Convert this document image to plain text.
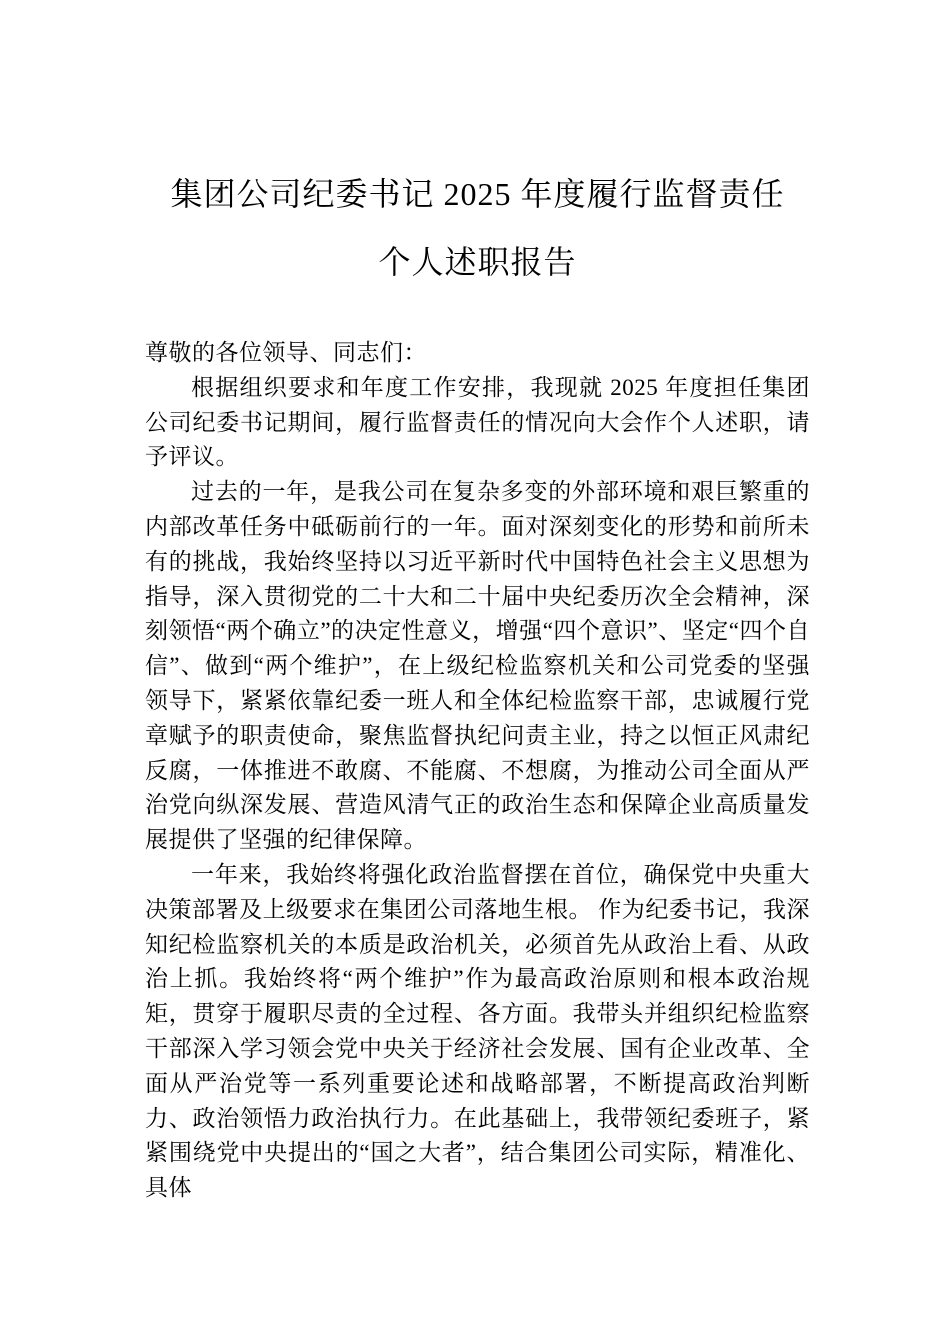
集团公司纪委书记 2025 年度履行监督责任
个人述职报告

尊敬的各位领导、同志们：

根据组织要求和年度工作安排，我现就 2025 年度担任集团公司纪委书记期间，履行监督责任的情况向大会作个人述职，请予评议。

过去的一年，是我公司在复杂多变的外部环境和艰巨繁重的内部改革任务中砥砺前行的一年。面对深刻变化的形势和前所未有的挑战，我始终坚持以习近平新时代中国特色社会主义思想为指导，深入贯彻党的二十大和二十届中央纪委历次全会精神，深刻领悟“两个确立”的决定性意义，增强“四个意识”、坚定“四个自信”、做到“两个维护”，在上级纪检监察机关和公司党委的坚强领导下，紧紧依靠纪委一班人和全体纪检监察干部，忠诚履行党章赋予的职责使命，聚焦监督执纪问责主业，持之以恒正风肃纪反腐，一体推进不敢腐、不能腐、不想腐，为推动公司全面从严治党向纵深发展、营造风清气正的政治生态和保障企业高质量发展提供了坚强的纪律保障。

一年来，我始终将强化政治监督摆在首位，确保党中央重大决策部署及上级要求在集团公司落地生根。 作为纪委书记，我深知纪检监察机关的本质是政治机关，必须首先从政治上看、从政治上抓。我始终将“两个维护”作为最高政治原则和根本政治规矩，贯穿于履职尽责的全过程、各方面。我带头并组织纪检监察干部深入学习领会党中央关于经济社会发展、国有企业改革、全面从严治党等一系列重要论述和战略部署，不断提高政治判断力、政治领悟力政治执行力。在此基础上，我带领纪委班子，紧紧围绕党中央提出的“国之大者”，结合集团公司实际，精准化、具体
